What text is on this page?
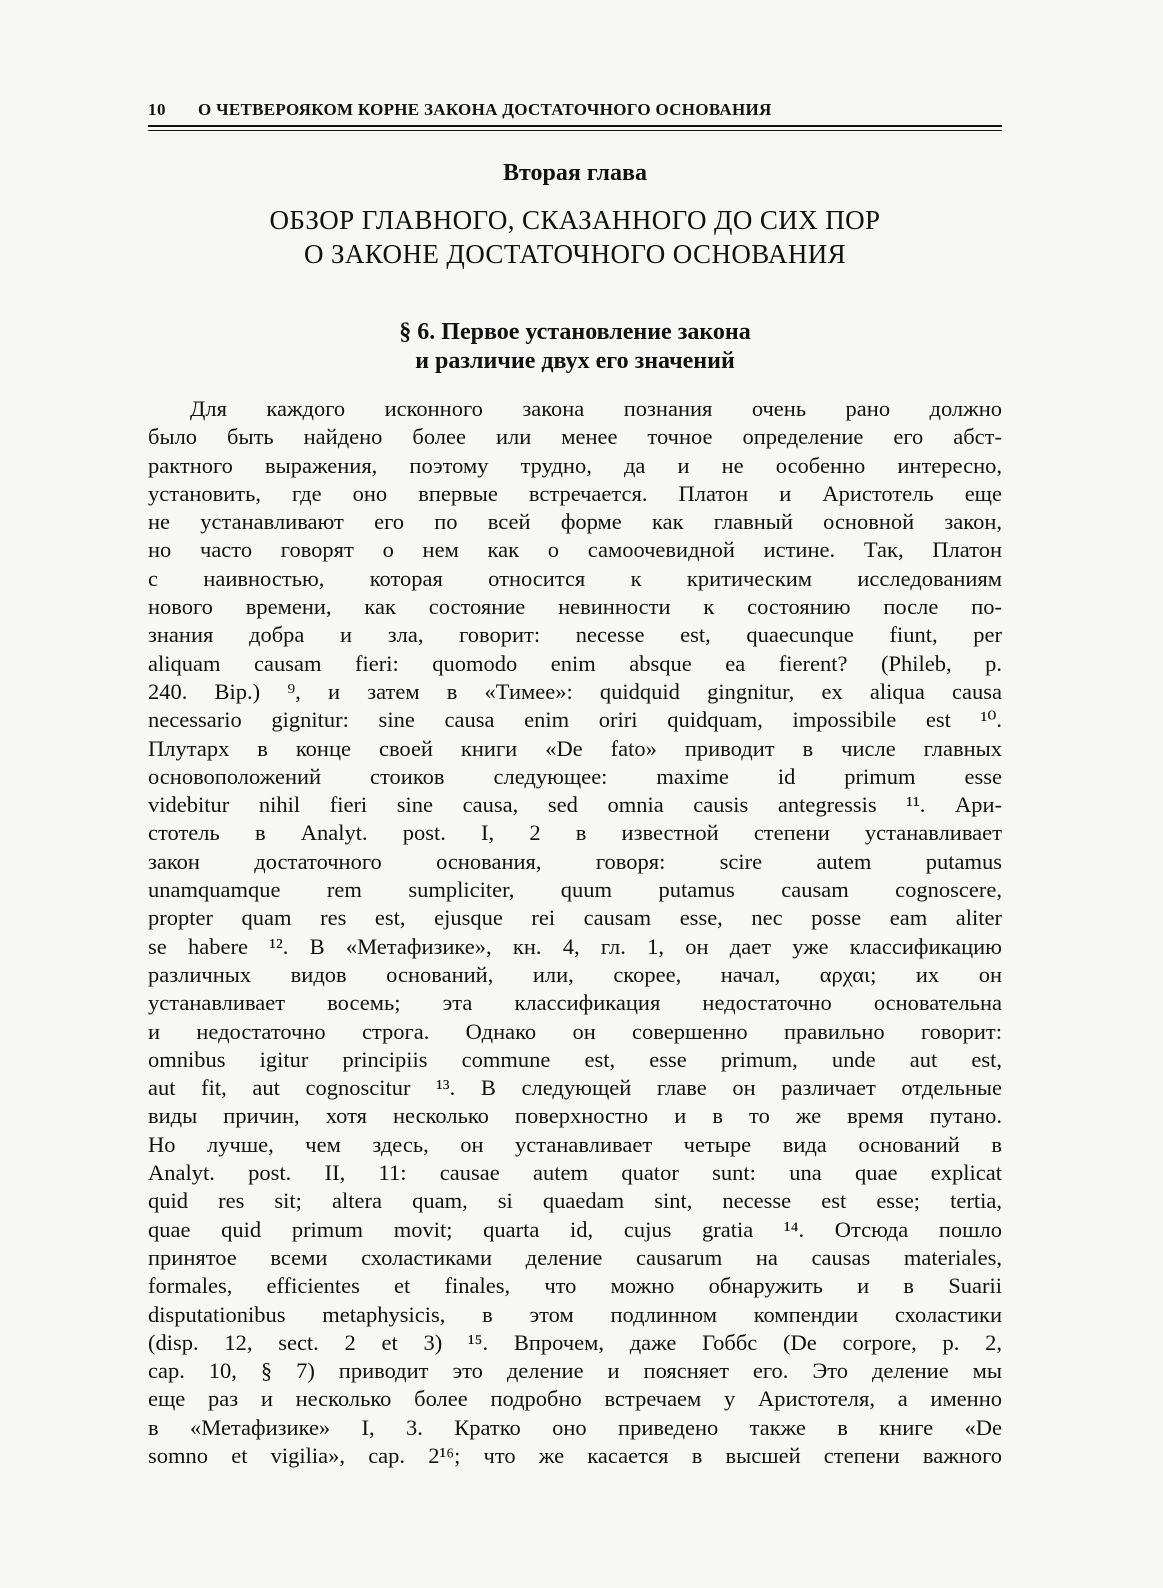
10 О ЧЕТВЕРОЯКОМ КОРНЕ ЗАКОНА ДОСТАТОЧНОГО ОСНОВАНИЯ
Вторая глава
ОБЗОР ГЛАВНОГО, СКАЗАННОГО ДО СИХ ПОР
О ЗАКОНЕ ДОСТАТОЧНОГО ОСНОВАНИЯ
§ 6. Первое установление закона
и различие двух его значений
Для каждого исконного закона познания очень рано должно
было быть найдено более или менее точное определение его абст-
рактного выражения, поэтому трудно, да и не особенно интересно,
установить, где оно впервые встречается. Платон и Аристотель еще
не устанавливают его по всей форме как главный основной закон,
но часто говорят о нем как о самоочевидной истине. Так, Платон
с наивностью, которая относится к критическим исследованиям
нового времени, как состояние невинности к состоянию после по-
знания добра и зла, говорит: necesse est, quaecunque fiunt, per
aliquam causam fieri: quomodo enim absque ea fierent? (Phileb, p.
240. Bip.) ⁹, и затем в «Тимее»: quidquid gingnitur, ex aliqua causa
necessario gignitur: sine causa enim oriri quidquam, impossibile est ¹⁰.
Плутарх в конце своей книги «De fato» приводит в числе главных
основоположений стоиков следующее: maxime id primum esse
videbitur nihil fieri sine causa, sed omnia causis antegressis ¹¹. Ари-
стотель в Analyt. post. I, 2 в известной степени устанавливает
закон достаточного основания, говоря: scire autem putamus
unamquamque rem sumpliciter, quum putamus causam cognoscere,
propter quam res est, ejusque rei causam esse, nec posse eam aliter
se habere ¹². В «Метафизике», кн. 4, гл. 1, он дает уже классификацию
различных видов оснований, или, скорее, начал, αρχαι; их он
устанавливает восемь; эта классификация недостаточно основательна
и недостаточно строга. Однако он совершенно правильно говорит:
omnibus igitur principiis commune est, esse primum, unde aut est,
aut fit, aut cognoscitur ¹³. В следующей главе он различает отдельные
виды причин, хотя несколько поверхностно и в то же время путано.
Но лучше, чем здесь, он устанавливает четыре вида оснований в
Analyt. post. II, 11: causae autem quator sunt: una quae explicat
quid res sit; altera quam, si quaedam sint, necesse est esse; tertia,
quae quid primum movit; quarta id, cujus gratia ¹⁴. Отсюда пошло
принятое всеми схоластиками деление causarum на causas materiales,
formales, efficientes et finales, что можно обнаружить и в Suarii
disputationibus metaphysicis, в этом подлинном компендии схоластики
(disp. 12, sect. 2 et 3) ¹⁵. Впрочем, даже Гоббс (De corpore, p. 2,
cap. 10, § 7) приводит это деление и поясняет его. Это деление мы
еще раз и несколько более подробно встречаем у Аристотеля, а именно
в «Метафизике» I, 3. Кратко оно приведено также в книге «De
somno et vigilia», cap. 2¹⁶; что же касается в высшей степени важного
